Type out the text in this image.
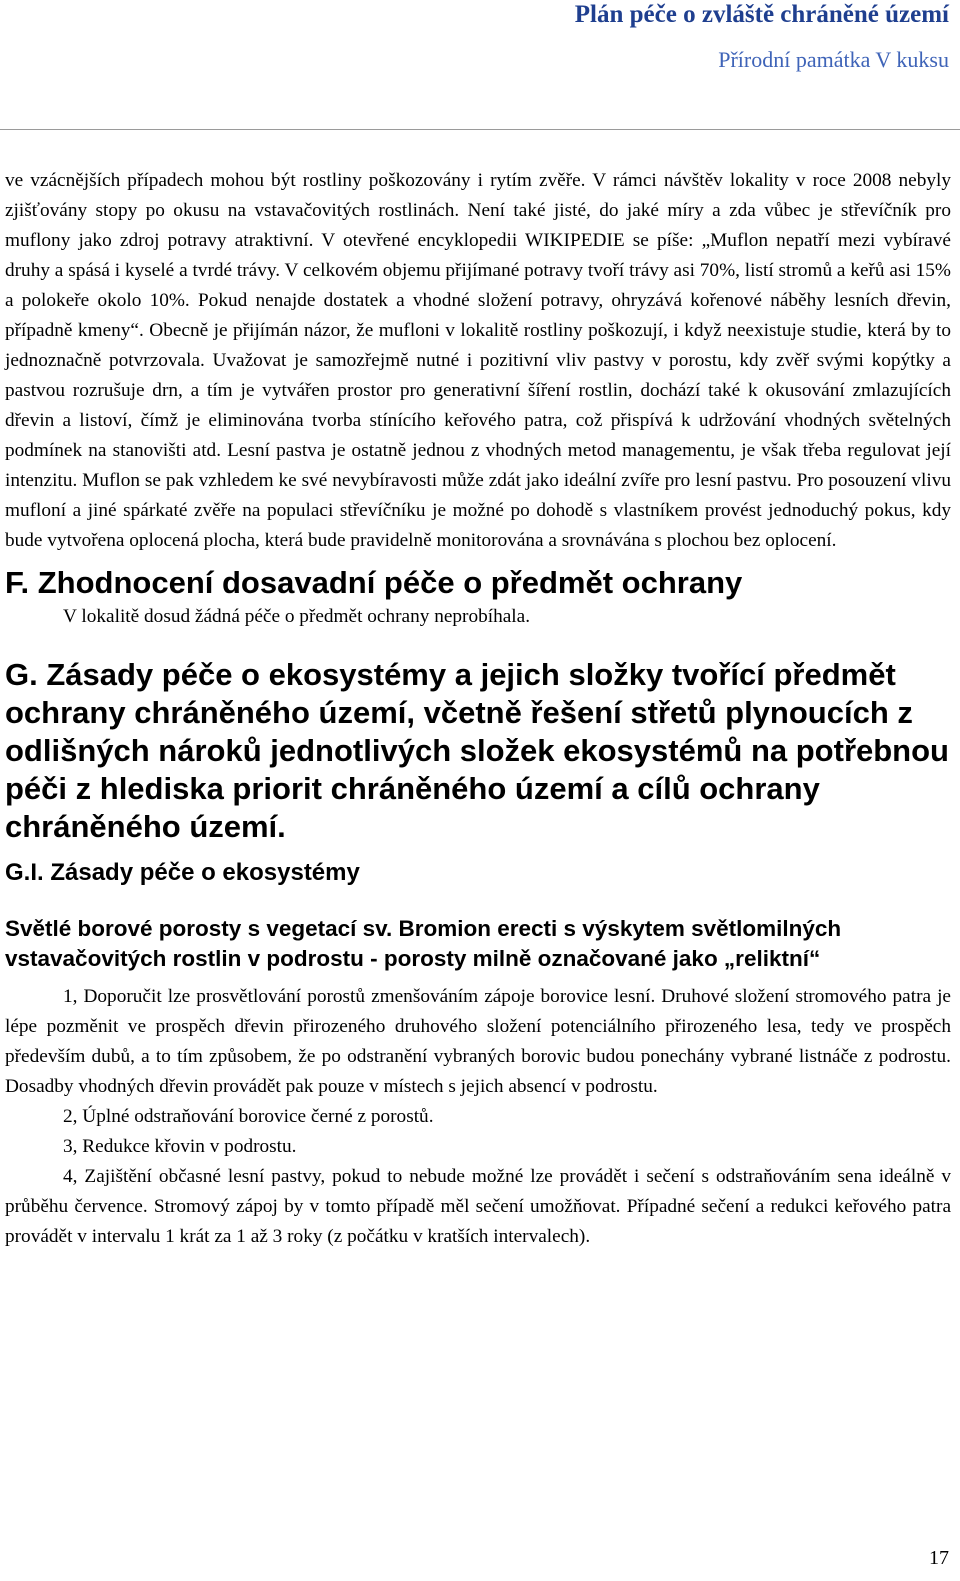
Plán péče o zvláště chráněné území
Přírodní památka V kuksu

ve vzácnějších případech mohou být rostliny poškozovány i rytím zvěře. V rámci návštěv lokality v roce 2008 nebyly zjišťovány stopy po okusu na vstavačovitých rostlinách. Není také jisté, do jaké míry a zda vůbec je střevíčník pro muflony jako zdroj potravy atraktivní. V otevřené encyklopedii WIKIPEDIE se píše: „Muflon nepatří mezi vybíravé druhy a spásá i kyselé a tvrdé trávy. V celkovém objemu přijímané potravy tvoří trávy asi 70%, listí stromů a keřů asi 15% a polokeře okolo 10%. Pokud nenajde dostatek a vhodné složení potravy, ohryzává kořenové náběhy lesních dřevin, případně kmeny“. Obecně je přijímán názor, že mufloni v lokalitě rostliny poškozují, i když neexistuje studie, která by to jednoznačně potvrzovala. Uvažovat je samozřejmě nutné i pozitivní vliv pastvy v porostu, kdy zvěř svými kopýtky a pastvou rozrušuje drn, a tím je vytvářen prostor pro generativní šíření rostlin, dochází také k okusování zmlazujících dřevin a listoví, čímž je eliminována tvorba stínícího keřového patra, což přispívá k udržování vhodných světelných podmínek na stanovišti atd. Lesní pastva je ostatně jednou z vhodných metod managementu, je však třeba regulovat její intenzitu. Muflon se pak vzhledem ke své nevybíravosti může zdát jako ideální zvíře pro lesní pastvu. Pro posouzení vlivu mufloní a jiné spárkaté zvěře na populaci střevíčníku je možné po dohodě s vlastníkem provést jednoduchý pokus, kdy bude vytvořena oplocená plocha, která bude pravidelně monitorována a srovnávána s plochou bez oplocení.

F. Zhodnocení dosavadní péče o předmět ochrany

V lokalitě dosud žádná péče o předmět ochrany neprobíhala.

G. Zásady péče o ekosystémy a jejich složky tvořící předmět ochrany chráněného území, včetně řešení střetů plynoucích z odlišných nároků jednotlivých složek ekosystémů na potřebnou péči z hlediska priorit chráněného území a cílů ochrany chráněného území.
G.I. Zásady péče o ekosystémy
Světlé borové porosty s vegetací sv. Bromion erecti s výskytem světlomilných vstavačovitých rostlin v podrostu - porosty milně označované jako „reliktní“

1, Doporučit lze prosvětlování porostů zmenšováním zápoje borovice lesní. Druhové složení stromového patra je lépe pozměnit ve prospěch dřevin přirozeného druhového složení potenciálního přirozeného lesa, tedy ve prospěch především dubů, a to tím způsobem, že po odstranění vybraných borovic budou ponechány vybrané listnáče z podrostu. Dosadby vhodných dřevin provádět pak pouze v místech s jejich absencí v podrostu.

2, Úplné odstraňování borovice černé z porostů.

3, Redukce křovin v podrostu.

4, Zajištění občasné lesní pastvy, pokud to nebude možné lze provádět i sečení s odstraňováním sena ideálně v průběhu července. Stromový zápoj by v tomto případě měl sečení umožňovat. Případné sečení a redukci keřového patra provádět v intervalu 1 krát za 1 až 3 roky (z počátku v kratších intervalech).

17
